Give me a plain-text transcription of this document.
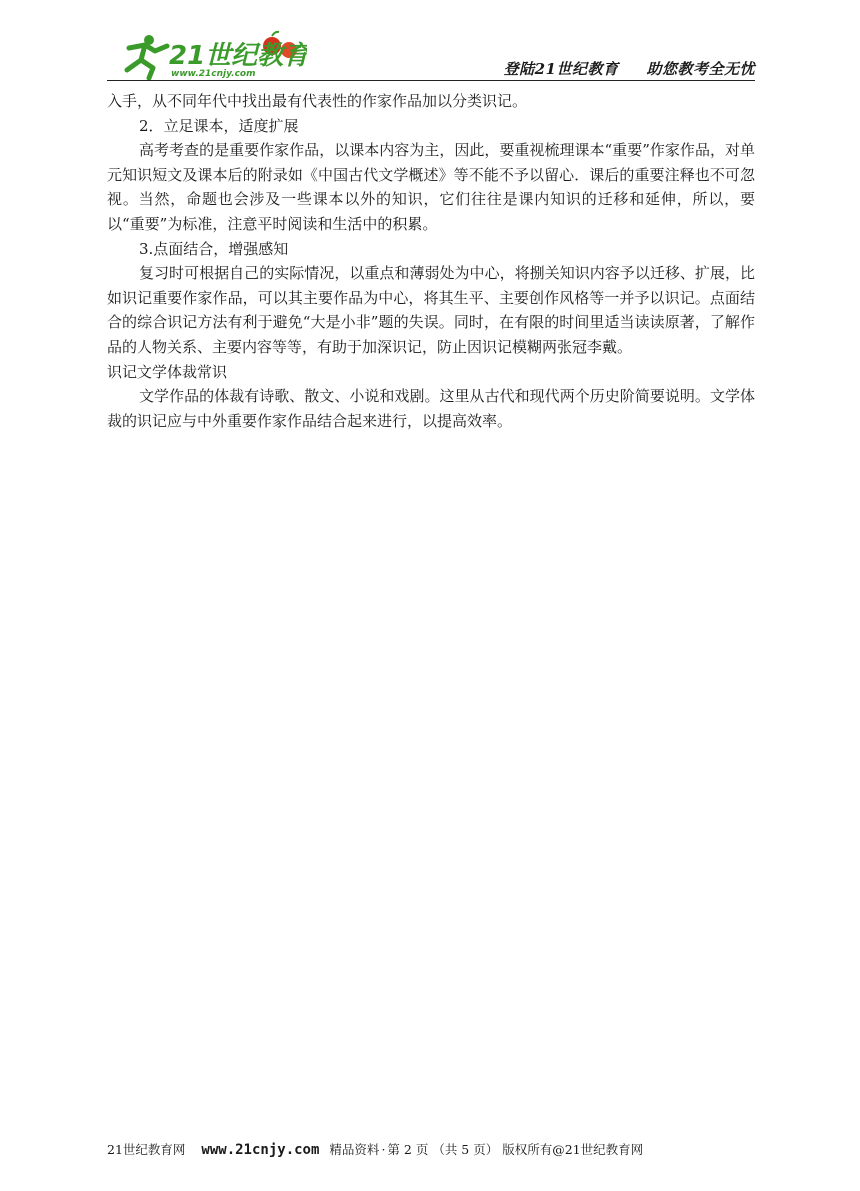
21世纪教育
www.21cnjy.com	登陆21世纪教育 助您教考全无忧

入手，从不同年代中找出最有代表性的作家作品加以分类识记。

2．立足课本，适度扩展

高考考查的是重要作家作品，以课本内容为主，因此，要重视梳理课本“重要”作家作品，对单元知识短文及课本后的附录如《中国古代文学概述》等不能不予以留心．课后的重要注释也不可忽视。当然，命题也会涉及一些课本以外的知识，它们往往是课内知识的迁移和延伸，所以，要以“重要”为标准，注意平时阅读和生活中的积累。

3.点面结合，增强感知

复习时可根据自己的实际情况，以重点和薄弱处为中心，将捌关知识内容予以迁移、扩展，比如识记重要作家作品，可以其主要作品为中心，将其生平、主要创作风格等一并予以识记。点面结合的综合识记方法有利于避免“大是小非”题的失误。同时，在有限的时间里适当读读原著，了解作品的人物关系、主要内容等等，有助于加深识记，防止因识记模糊两张冠李戴。

识记文学体裁常识

文学作品的体裁有诗歌、散文、小说和戏剧。这里从古代和现代两个历史阶简要说明。文学体裁的识记应与中外重要作家作品结合起来进行，以提高效率。

21世纪教育网 www.21cnjy.com 精品资料 · 第 2 页 （共 5 页） 版权所有@21世纪教育网
